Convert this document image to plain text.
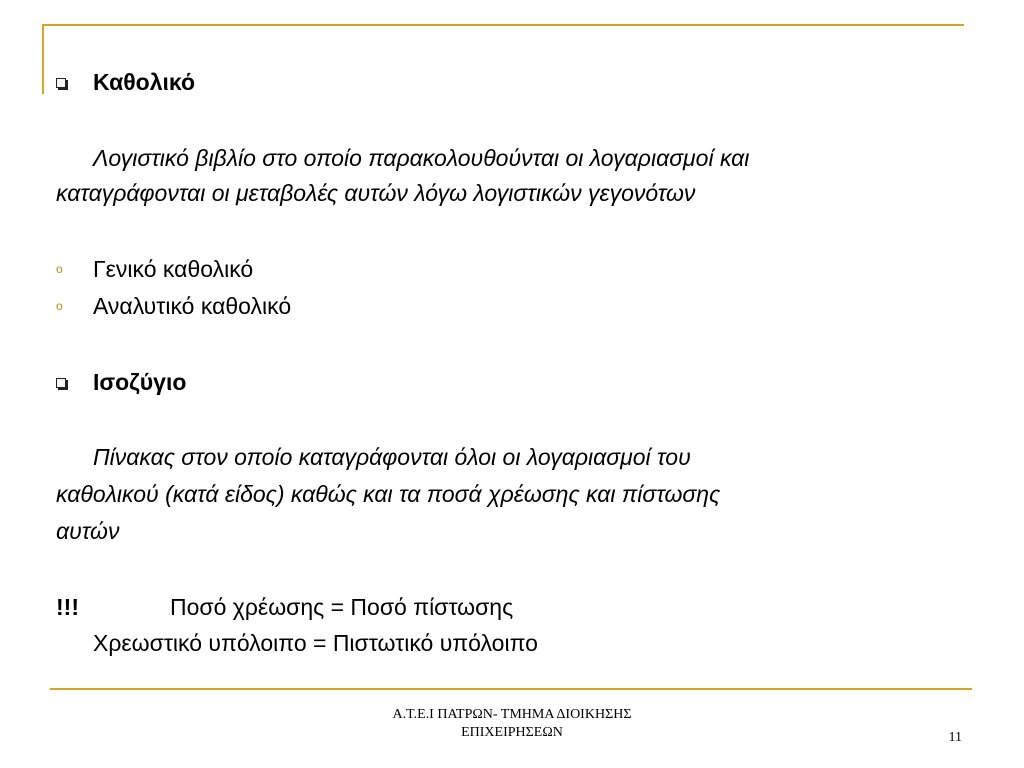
Καθολικό
Λογιστικό βιβλίο στο οποίο παρακολουθούνται οι λογαριασμοί και
καταγράφονται οι μεταβολές αυτών λόγω λογιστικών γεγονότων
o Γενικό καθολικό
o Αναλυτικό καθολικό
Ισοζύγιο
Πίνακας στον οποίο καταγράφονται όλοι οι λογαριασμοί του
καθολικού (κατά είδος) καθώς και τα ποσά χρέωσης και πίστωσης
αυτών
!!!	Ποσό χρέωσης = Ποσό πίστωσης
Χρεωστικό υπόλοιπο = Πιστωτικό υπόλοιπο
Α.Τ.Ε.Ι ΠΑΤΡΩΝ- ΤΜΗΜΑ ΔΙΟΙΚΗΣΗΣ
ΕΠΙΧΕΙΡΗΣΕΩΝ	11
